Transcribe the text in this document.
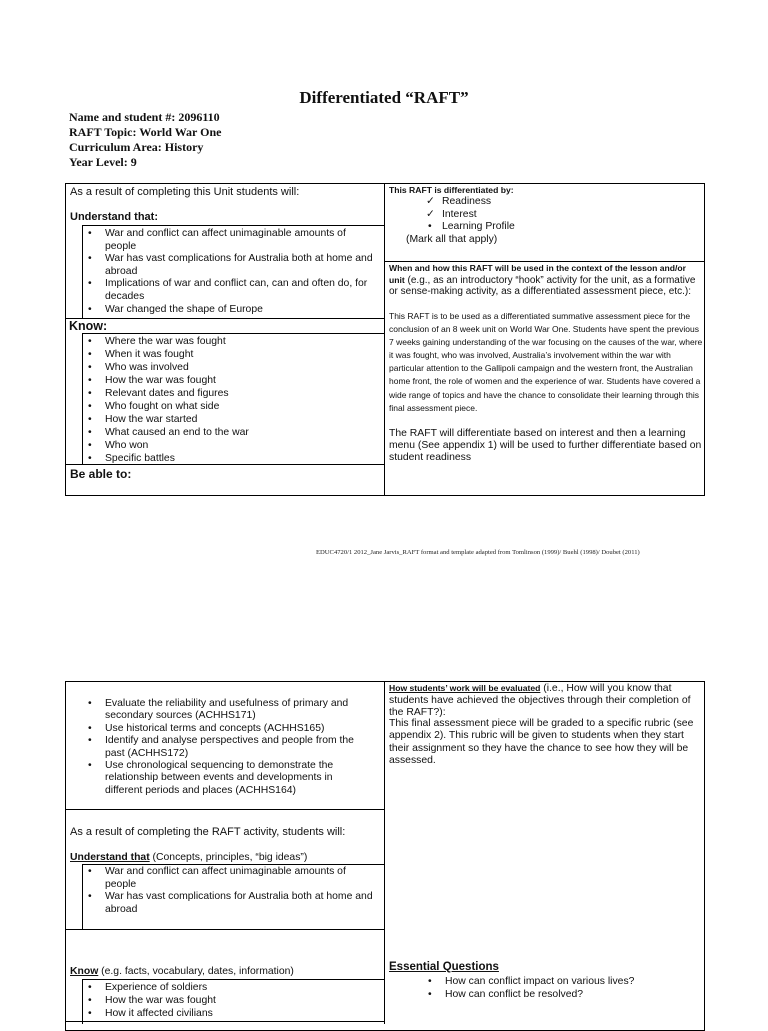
Differentiated “RAFT”
Name and student #: 2096110
RAFT Topic: World War One
Curriculum Area: History
Year Level: 9
As a result of completing this Unit students will:
Understand that:
• War and conflict can affect unimaginable amounts of people
• War has vast complications for Australia both at home and abroad
• Implications of war and conflict can, can and often do, for decades
• War changed the shape of Europe
Know:
• Where the war was fought
• When it was fought
• Who was involved
• How the war was fought
• Relevant dates and figures
• Who fought on what side
• How the war started
• What caused an end to the war
• Who won
• Specific battles
Be able to:
This RAFT is differentiated by:
✓ Readiness
✓ Interest
• Learning Profile
(Mark all that apply)
When and how this RAFT will be used in the context of the lesson and/or unit (e.g., as an introductory “hook” activity for the unit, as a formative or sense-making activity, as a differentiated assessment piece, etc.):
This RAFT is to be used as a differentiated summative assessment piece for the conclusion of an 8 week unit on World War One. Students have spent the previous 7 weeks gaining understanding of the war focusing on the causes of the war, where it was fought, who was involved, Australia’s involvement within the war with particular attention to the Gallipoli campaign and the western front, the Australian home front, the role of women and the experience of war. Students have covered a wide range of topics and have the chance to consolidate their learning through this final assessment piece.
The RAFT will differentiate based on interest and then a learning menu (See appendix 1) will be used to further differentiate based on student readiness
EDUC4720/1 2012_Jane Jarvis_RAFT format and template adapted from Tomlinson (1999)/ Buehl (1998)/ Doubet (2011)
• Evaluate the reliability and usefulness of primary and secondary sources (ACHHS171)
• Use historical terms and concepts (ACHHS165)
• Identify and analyse perspectives and people from the past (ACHHS172)
• Use chronological sequencing to demonstrate the relationship between events and developments in different periods and places (ACHHS164)
As a result of completing the RAFT activity, students will:
Understand that (Concepts, principles, “big ideas”)
• War and conflict can affect unimaginable amounts of people
• War has vast complications for Australia both at home and abroad
Know (e.g. facts, vocabulary, dates, information)
• Experience of soldiers
• How the war was fought
• How it affected civilians
How students’ work will be evaluated (i.e., How will you know that students have achieved the objectives through their completion of the RAFT?):
This final assessment piece will be graded to a specific rubric (see appendix 2). This rubric will be given to students when they start their assignment so they have the chance to see how they will be assessed.
Essential Questions
• How can conflict impact on various lives?
• How can conflict be resolved?
